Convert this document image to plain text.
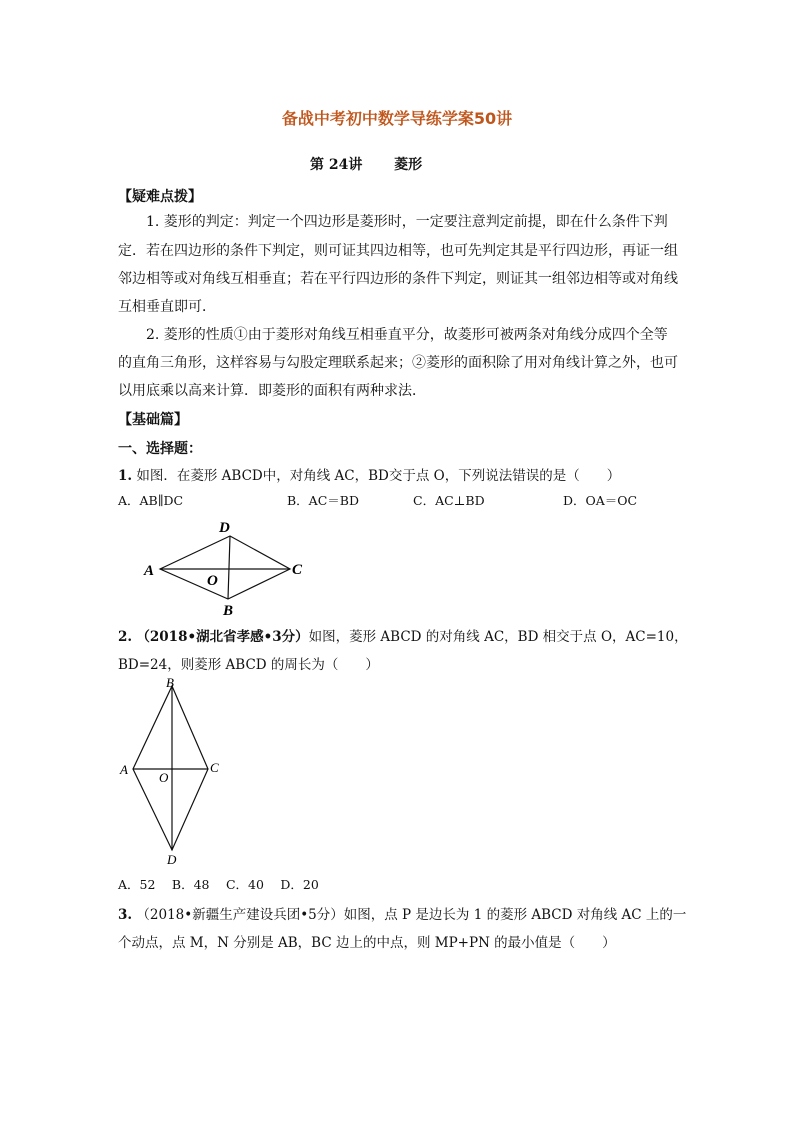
备战中考初中数学导练学案50讲
第 24讲 菱形
【疑难点拨】
1. 菱形的判定：判定一个四边形是菱形时，一定要注意判定前提，即在什么条件下判
定．若在四边形的条件下判定，则可证其四边相等，也可先判定其是平行四边形，再证一组
邻边相等或对角线互相垂直；若在平行四边形的条件下判定，则证其一组邻边相等或对角线
互相垂直即可．
2. 菱形的性质①由于菱形对角线互相垂直平分，故菱形可被两条对角线分成四个全等
的直角三角形，这样容易与勾股定理联系起来；②菱形的面积除了用对角线计算之外，也可
以用底乘以高来计算．即菱形的面积有两种求法．
【基础篇】
一、选择题：
1. 如图．在菱形 ABCD中，对角线 AC，BD交于点 O，下列说法错误的是（　　）
A．AB∥DC	B．AC＝BD	C．AC⊥BD	D．OA＝OC
A
D
C
B
O
2. （2018•湖北省孝感•3分）如图，菱形 ABCD 的对角线 AC，BD 相交于点 O，AC=10，
BD=24，则菱形 ABCD 的周长为（　　）
B
A	C
D
O
A．52　 B．48　 C．40　 D．20
3. （2018•新疆生产建设兵团•5分）如图，点 P 是边长为 1 的菱形 ABCD 对角线 AC 上的一
个动点，点 M，N 分别是 AB，BC 边上的中点，则 MP+PN 的最小值是（　　）
